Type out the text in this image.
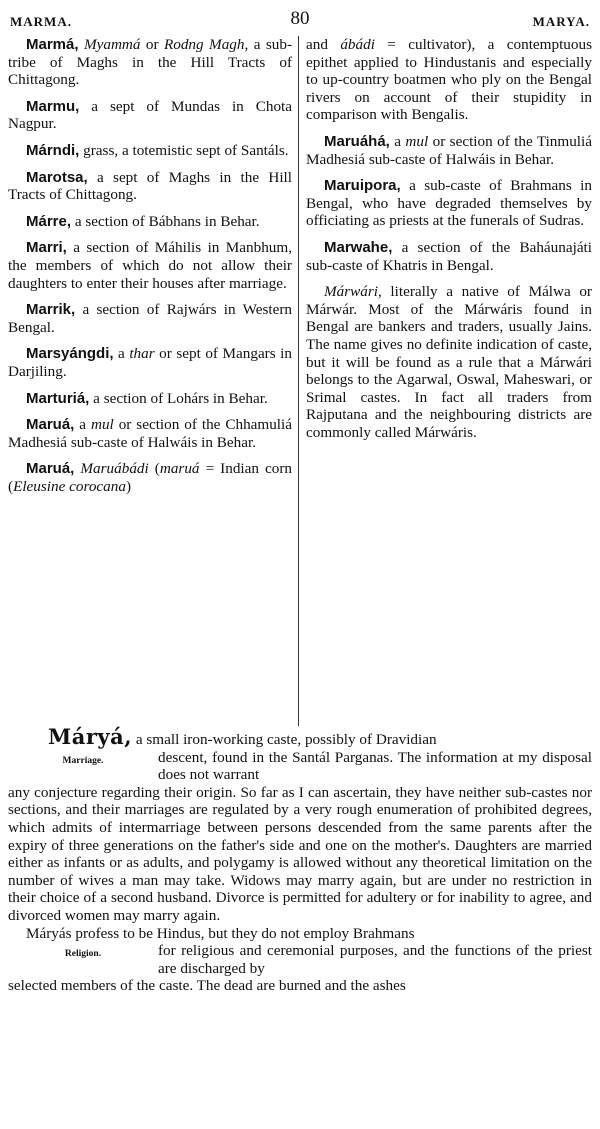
MARMA.	80	MARYA.

Marmá, Myammá or Rodng Magh, a sub-tribe of Maghs in the Hill Tracts of Chittagong.

Marmu, a sept of Mundas in Chota Nagpur.

Márndi, grass, a totemistic sept of Santáls.

Marotsa, a sept of Maghs in the Hill Tracts of Chittagong.

Márre, a section of Bábhans in Behar.

Marri, a section of Máhilis in Manbhum, the members of which do not allow their daughters to enter their houses after marriage.

Marrik, a section of Rajwárs in Western Bengal.

Marsyángdi, a thar or sept of Mangars in Darjiling.

Marturiá, a section of Lohárs in Behar.

Maruá, a mul or section of the Chhamuliá Madhesiá sub-caste of Halwáis in Behar.

Maruá, Maruábádi (maruá = Indian corn (Eleusine corocana)

and ábádi = cultivator), a contemptuous epithet applied to Hindustanis and especially to up-country boatmen who ply on the Bengal rivers on account of their stupidity in comparison with Bengalis.

Maruáhá, a mul or section of the Tinmuliá Madhesiá sub-caste of Halwáis in Behar.

Maruipora, a sub-caste of Brahmans in Bengal, who have degraded themselves by officiating as priests at the funerals of Sudras.

Marwahe, a section of the Baháunajáti sub-caste of Khatris in Bengal.

Márwári, literally a native of Málwa or Márwár. Most of the Márwáris found in Bengal are bankers and traders, usually Jains. The name gives no definite indication of caste, but it will be found as a rule that a Márwári belongs to the Agarwal, Oswal, Maheswari, or Srimal castes. In fact all traders from Rajputana and the neighbouring districts are commonly called Márwáris.

Máryá, a small iron-working caste, possibly of Dravidian

Marriage.	descent, found in the Santál Parganas. The information at my disposal does not warrant

any conjecture regarding their origin. So far as I can ascertain, they have neither sub-castes nor sections, and their marriages are regulated by a very rough enumeration of prohibited degrees, which admits of intermarriage between persons descended from the same parents after the expiry of three generations on the father's side and one on the mother's. Daughters are married either as infants or as adults, and polygamy is allowed without any theoretical limitation on the number of wives a man may take. Widows may marry again, but are under no restriction in their choice of a second husband. Divorce is permitted for adultery or for inability to agree, and divorced women may marry again.

Máryás profess to be Hindus, but they do not employ Brahmans

Religion.	for religious and ceremonial purposes, and the functions of the priest are discharged by

selected members of the caste. The dead are burned and the ashes
